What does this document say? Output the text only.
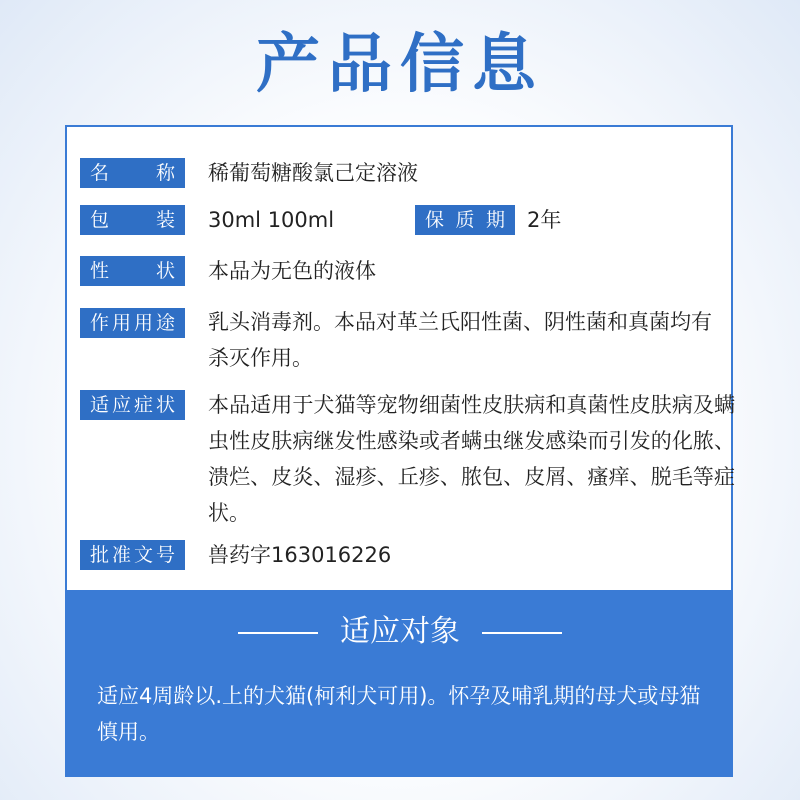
产品信息
名称	稀葡萄糖酸氯己定溶液
包装	30ml 100ml	保质期	2年
性状	本品为无色的液体
作用用途	乳头消毒剂。本品对革兰氏阳性菌、阴性菌和真菌均有杀灭作用。
适应症状	本品适用于犬猫等宠物细菌性皮肤病和真菌性皮肤病及螨虫性皮肤病继发性感染或者螨虫继发感染而引发的化脓、溃烂、皮炎、湿疹、丘疹、脓包、皮屑、瘙痒、脱毛等症状。
批准文号	兽药字163016226
适应对象
适应4周龄以.上的犬猫(柯利犬可用)。怀孕及哺乳期的母犬或母猫慎用。
